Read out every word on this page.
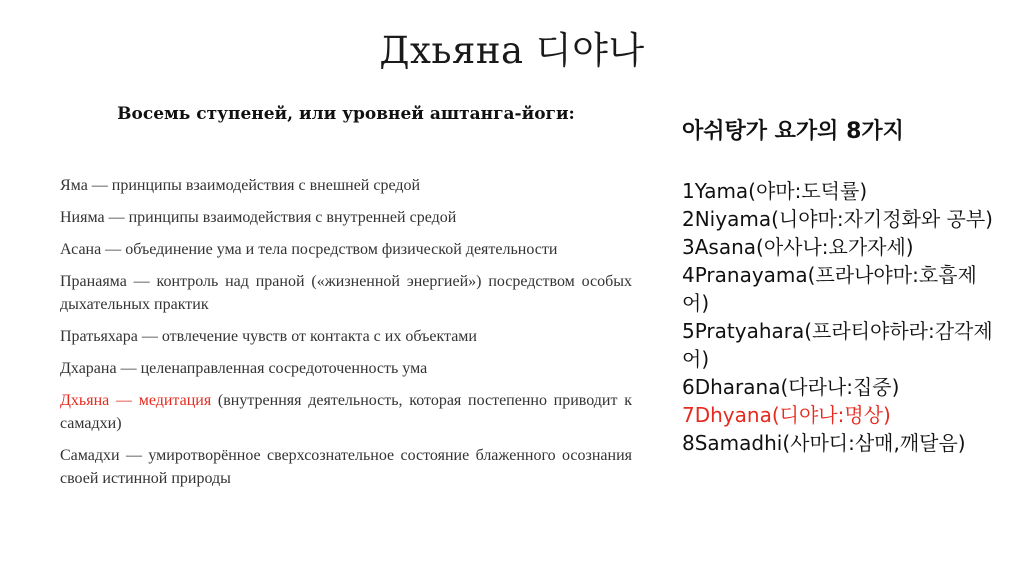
Дхьяна 디야나
Восемь ступеней, или уровней аштанга-йоги:
Яма — принципы взаимодействия с внешней средой
Нияма — принципы взаимодействия с внутренней средой
Асана — объединение ума и тела посредством физической деятельности
Пранаяма — контроль над праной («жизненной энергией») посредством особых дыхательных практик
Пратьяхара — отвлечение чувств от контакта с их объектами
Дхарана — целенаправленная сосредоточенность ума
Дхьяна — медитация (внутренняя деятельность, которая постепенно приводит к самадхи)
Самадхи — умиротворённое сверхсознательное состояние блаженного осознания своей истинной природы
아쉬탕가 요가의 8가지
1Yama(야마:도덕률)
2Niyama(니야마:자기정화와 공부)
3Asana(아사나:요가자세)
4Pranayama(프라나야마:호흡제어)
5Pratyahara(프라티야하라:감각제어)
6Dharana(다라나:집중)
7Dhyana(디야나:명상)
8Samadhi(사마디:삼매,깨달음)
